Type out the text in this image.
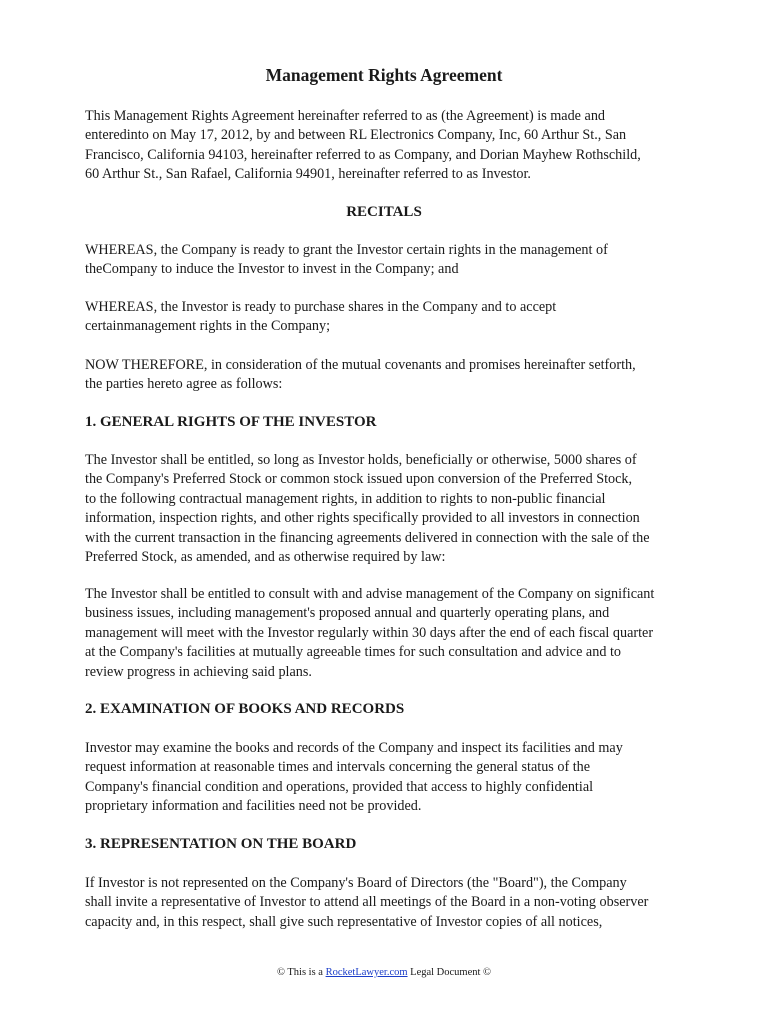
Management Rights Agreement
This Management Rights Agreement hereinafter referred to as (the Agreement) is made and
enteredinto on May 17, 2012, by and between RL Electronics Company, Inc, 60 Arthur St., San
Francisco, California 94103, hereinafter referred to as Company, and Dorian Mayhew Rothschild,
60 Arthur St., San Rafael, California 94901, hereinafter referred to as Investor.
RECITALS
WHEREAS, the Company is ready to grant the Investor certain rights in the management of
theCompany to induce the Investor to invest in the Company; and
WHEREAS, the Investor is ready to purchase shares in the Company and to accept
certainmanagement rights in the Company;
NOW THEREFORE, in consideration of the mutual covenants and promises hereinafter setforth,
the parties hereto agree as follows:
1. GENERAL RIGHTS OF THE INVESTOR
The Investor shall be entitled, so long as Investor holds, beneficially or otherwise, 5000 shares of
the Company's Preferred Stock or common stock issued upon conversion of the Preferred Stock,
to the following contractual management rights, in addition to rights to non-public financial
information, inspection rights, and other rights specifically provided to all investors in connection
with the current transaction in the financing agreements delivered in connection with the sale of the
Preferred Stock, as amended, and as otherwise required by law:
The Investor shall be entitled to consult with and advise management of the Company on significant
business issues, including management's proposed annual and quarterly operating plans, and
management will meet with the Investor regularly within 30 days after the end of each fiscal quarter
at the Company's facilities at mutually agreeable times for such consultation and advice and to
review progress in achieving said plans.
2. EXAMINATION OF BOOKS AND RECORDS
Investor may examine the books and records of the Company and inspect its facilities and may
request information at reasonable times and intervals concerning the general status of the
Company's financial condition and operations, provided that access to highly confidential
proprietary information and facilities need not be provided.
3. REPRESENTATION ON THE BOARD
If Investor is not represented on the Company's Board of Directors (the "Board"), the Company
shall invite a representative of Investor to attend all meetings of the Board in a non-voting observer
capacity and, in this respect, shall give such representative of Investor copies of all notices,
© This is a RocketLawyer.com Legal Document ©
